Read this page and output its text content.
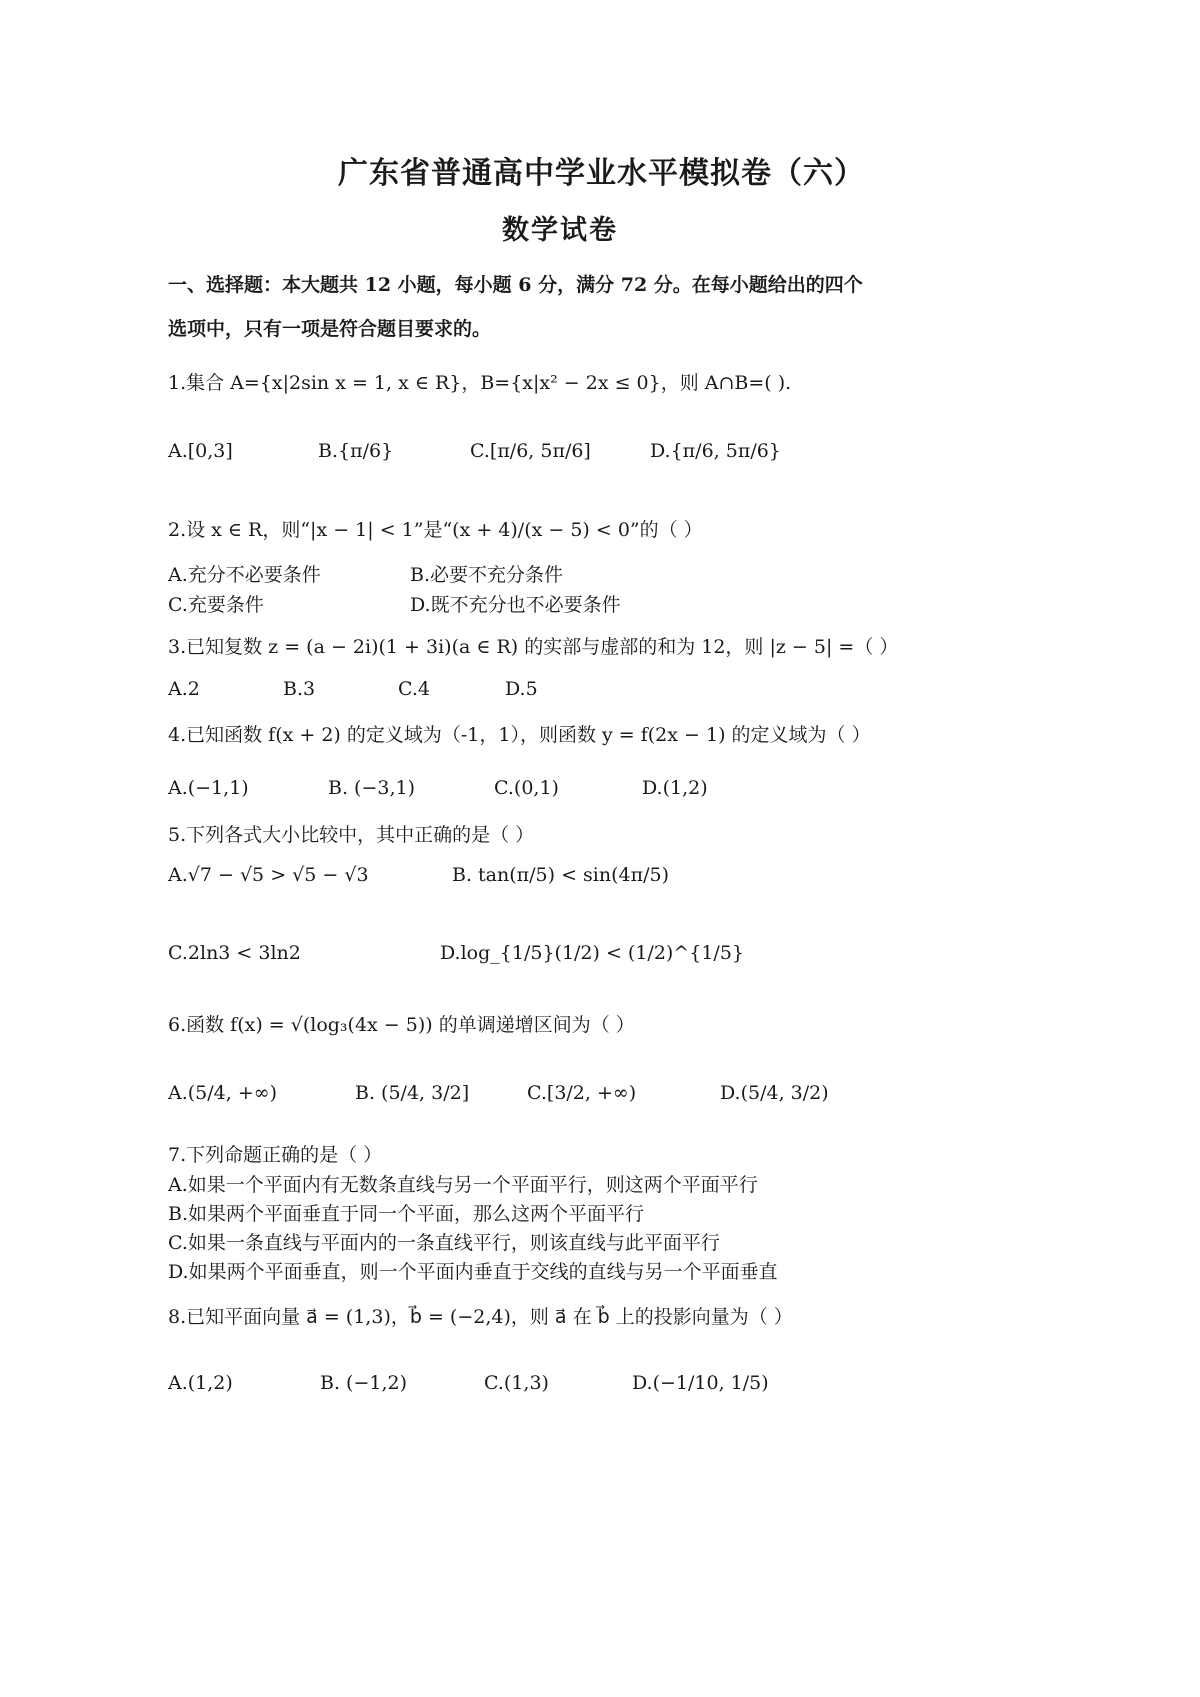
广东省普通高中学业水平模拟卷（六）
数学试卷
一、选择题：本大题共 12 小题，每小题 6 分，满分 72 分。在每小题给出的四个
选项中，只有一项是符合题目要求的。
1.集合 A={x|2sin x = 1, x ∈ R}，B={x|x² − 2x ≤ 0}，则 A∩B=( ).
A.[0,3]	B.{π/6}	C.[π/6, 5π/6]	D.{π/6, 5π/6}
2.设 x ∈ R，则“|x − 1| < 1”是“(x + 4)/(x − 5) < 0”的（ ）
A.充分不必要条件	B.必要不充分条件
C.充要条件	D.既不充分也不必要条件
3.已知复数 z = (a − 2i)(1 + 3i)(a ∈ R) 的实部与虚部的和为 12，则 |z − 5| =（ ）
A.2	B.3	C.4	D.5
4.已知函数 f(x + 2) 的定义域为（-1，1），则函数 y = f(2x − 1) 的定义域为（ ）
A.(−1,1)	B. (−3,1)	C.(0,1)	D.(1,2)
5.下列各式大小比较中，其中正确的是（ ）
A.√7 − √5 > √5 − √3	B. tan(π/5) < sin(4π/5)
C.2ln3 < 3ln2	D.log_{1/5}(1/2) < (1/2)^{1/5}
6.函数 f(x) = √(log₃(4x − 5)) 的单调递增区间为（ ）
A.(5/4, +∞)	B. (5/4, 3/2]	C.[3/2, +∞)	D.(5/4, 3/2)
7.下列命题正确的是（ ）
A.如果一个平面内有无数条直线与另一个平面平行，则这两个平面平行
B.如果两个平面垂直于同一个平面，那么这两个平面平行
C.如果一条直线与平面内的一条直线平行，则该直线与此平面平行
D.如果两个平面垂直，则一个平面内垂直于交线的直线与另一个平面垂直
8.已知平面向量 a⃗ = (1,3)，b⃗ = (−2,4)，则 a⃗ 在 b⃗ 上的投影向量为（ ）
A.(1,2)	B. (−1,2)	C.(1,3)	D.(−1/10, 1/5)
